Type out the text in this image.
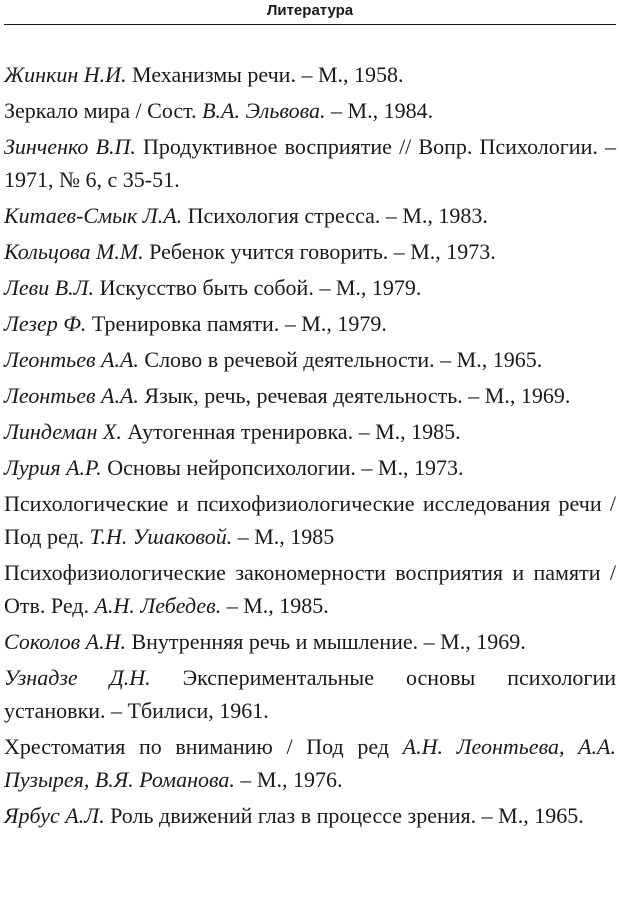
Литература
Жинкин Н.И. Механизмы речи. – М., 1958.
Зеркало мира / Сост. В.А. Эльвова. – М., 1984.
Зинченко В.П. Продуктивное восприятие // Вопр. Психологии. – 1971, № 6, с 35-51.
Китаев-Смык Л.А. Психология стресса. – М., 1983.
Кольцова М.М. Ребенок учится говорить. – М., 1973.
Леви В.Л. Искусство быть собой. – М., 1979.
Лезер Ф. Тренировка памяти. – М., 1979.
Леонтьев А.А. Слово в речевой деятельности. – М., 1965.
Леонтьев А.А. Язык, речь, речевая деятельность. – М., 1969.
Линдеман Х. Аутогенная тренировка. – М., 1985.
Лурия А.Р. Основы нейропсихологии. – М., 1973.
Психологические и психофизиологические исследования речи / Под ред. Т.Н. Ушаковой. – М., 1985
Психофизиологические закономерности восприятия и памяти / Отв. Ред. А.Н. Лебедев. – М., 1985.
Соколов А.Н. Внутренняя речь и мышление. – М., 1969.
Узнадзе Д.Н. Экспериментальные основы психологии установки. – Тбилиси, 1961.
Хрестоматия по вниманию / Под ред А.Н. Леонтьева, А.А. Пузырея, В.Я. Романова. – М., 1976.
Ярбус А.Л. Роль движений глаз в процессе зрения. – М., 1965.
